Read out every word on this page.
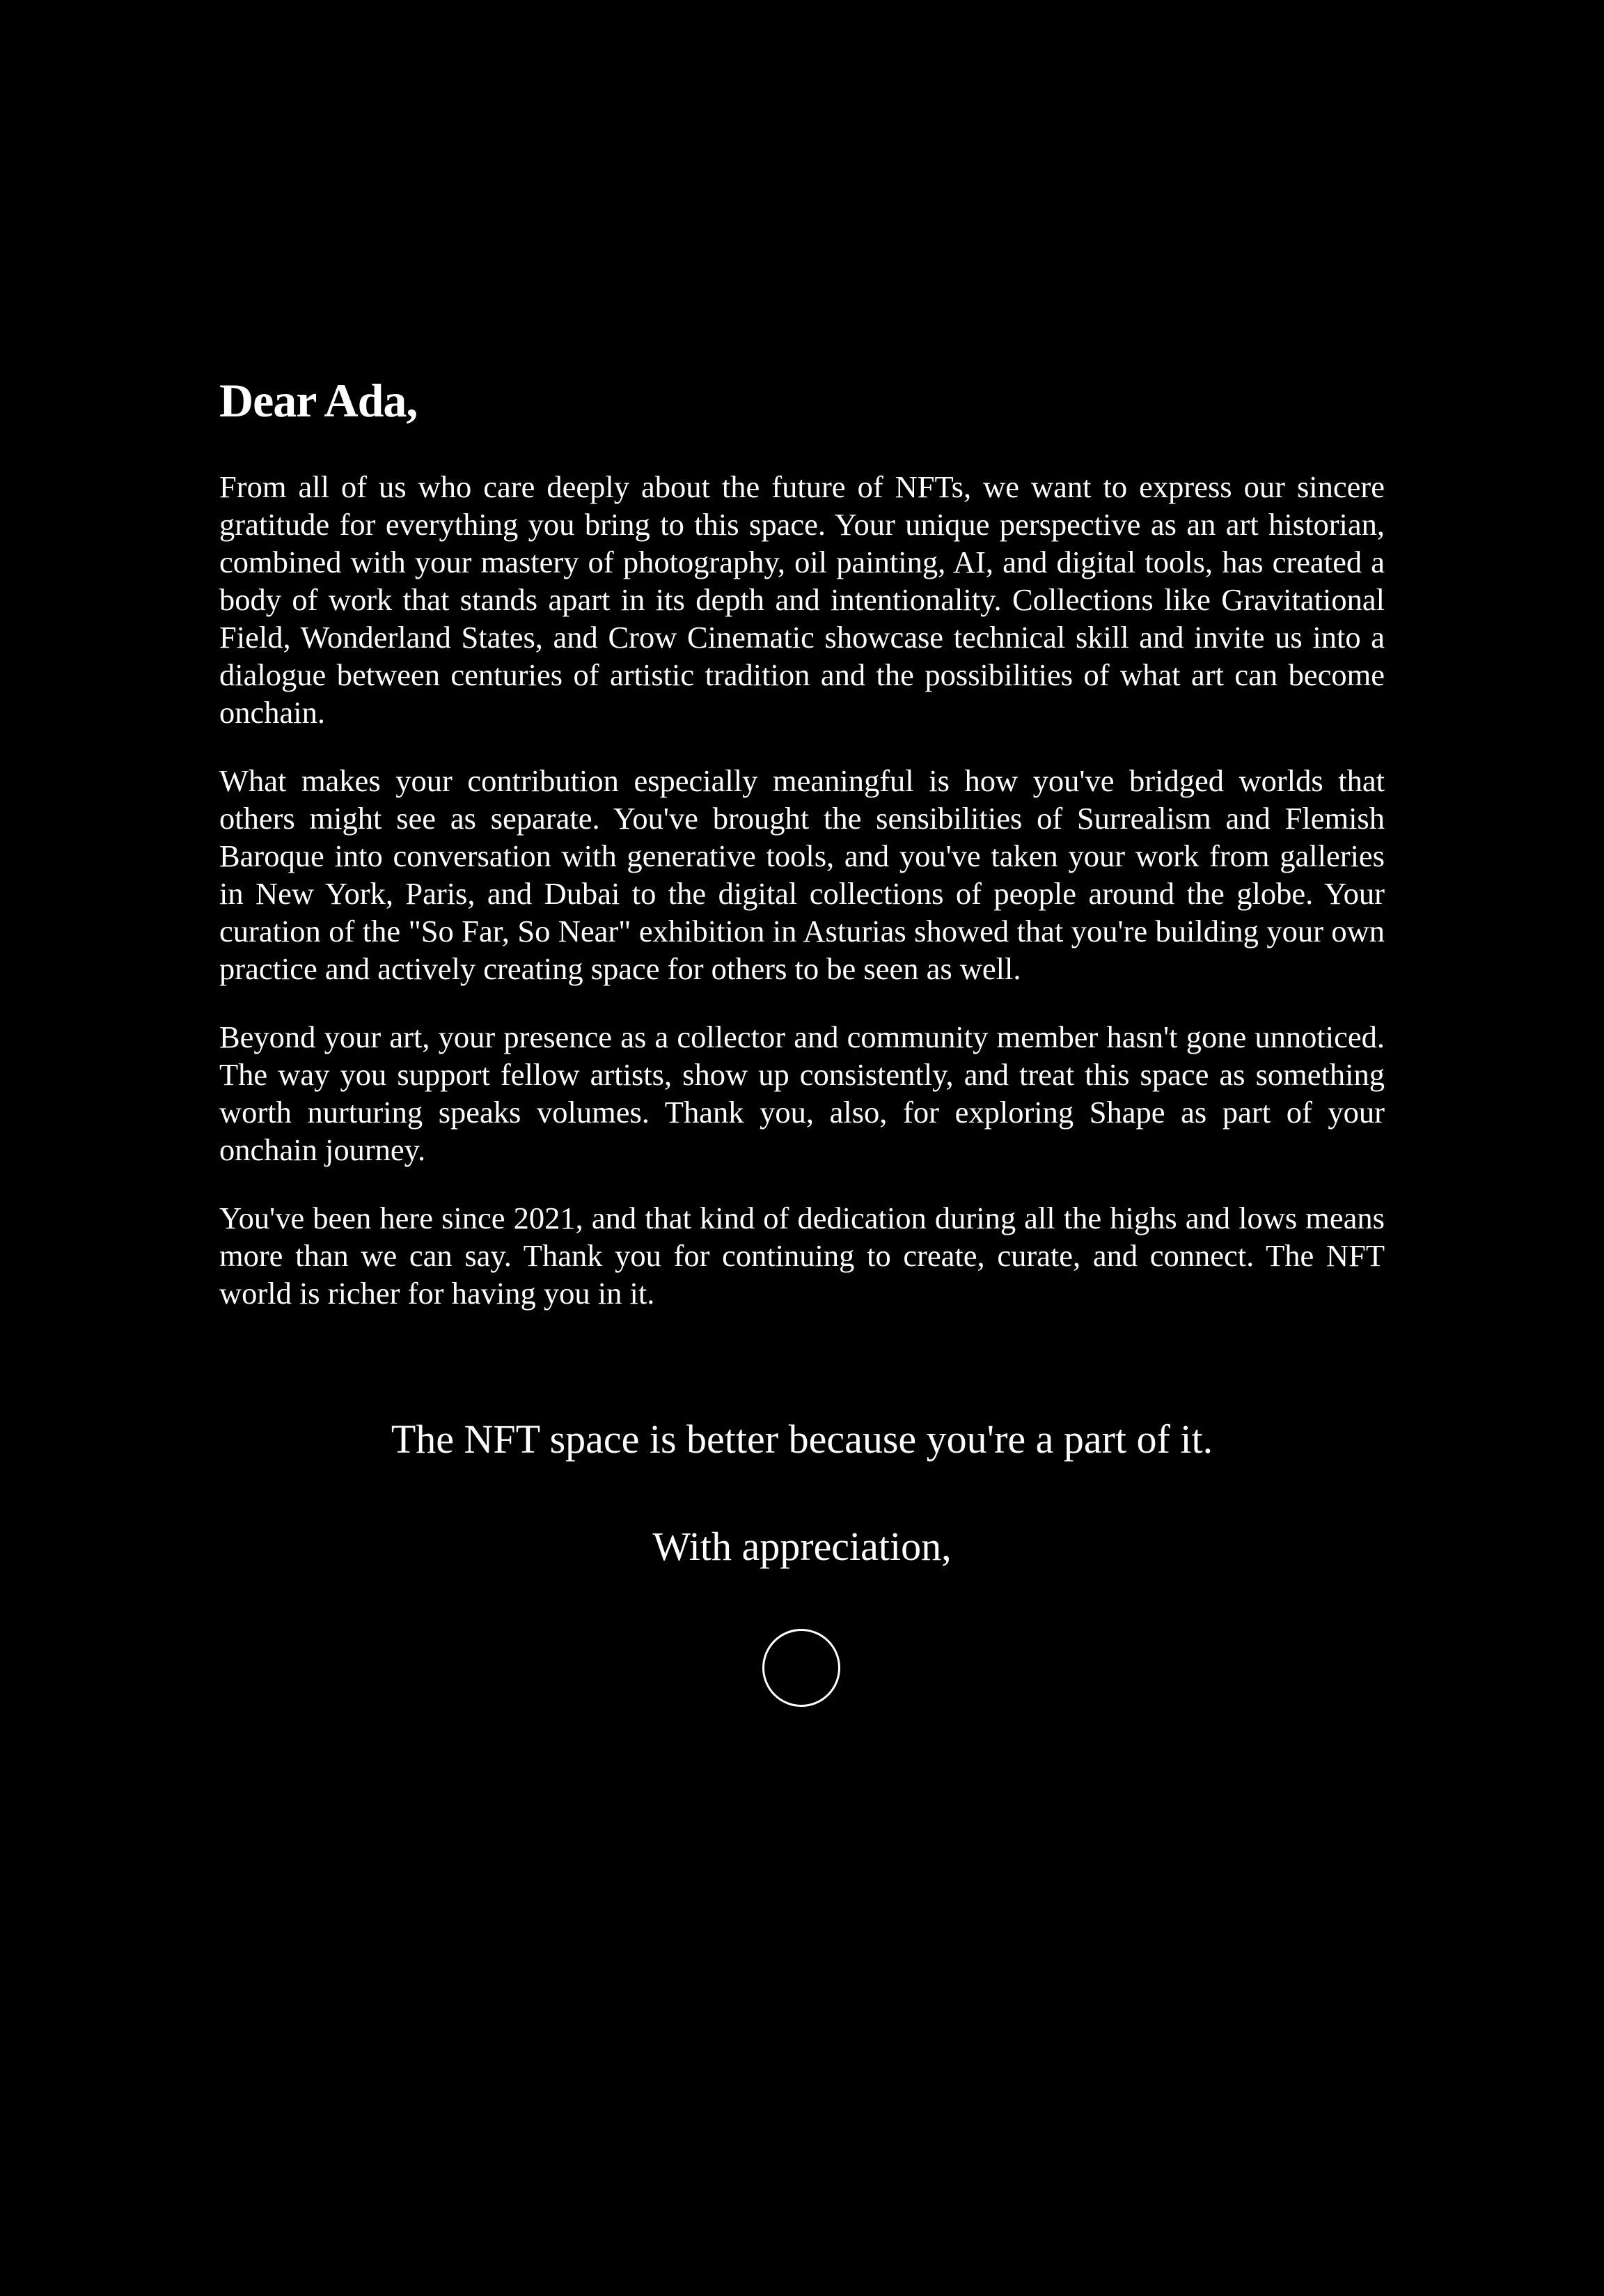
Dear Ada,

From all of us who care deeply about the future of NFTs, we want to express our sincere gratitude for everything you bring to this space. Your unique perspective as an art historian, combined with your mastery of photography, oil painting, AI, and digital tools, has created a body of work that stands apart in its depth and intentionality. Collections like Gravitational Field, Wonderland States, and Crow Cinematic showcase technical skill and invite us into a dialogue between centuries of artistic tradition and the possibilities of what art can become onchain.

What makes your contribution especially meaningful is how you've bridged worlds that others might see as separate. You've brought the sensibilities of Surrealism and Flemish Baroque into conversation with generative tools, and you've taken your work from galleries in New York, Paris, and Dubai to the digital collections of people around the globe. Your curation of the "So Far, So Near" exhibition in Asturias showed that you're building your own practice and actively creating space for others to be seen as well.

Beyond your art, your presence as a collector and community member hasn't gone unnoticed. The way you support fellow artists, show up consistently, and treat this space as something worth nurturing speaks volumes. Thank you, also, for exploring Shape as part of your onchain journey.

You've been here since 2021, and that kind of dedication during all the highs and lows means more than we can say. Thank you for continuing to create, curate, and connect. The NFT world is richer for having you in it.

The NFT space is better because you're a part of it.
With appreciation,
